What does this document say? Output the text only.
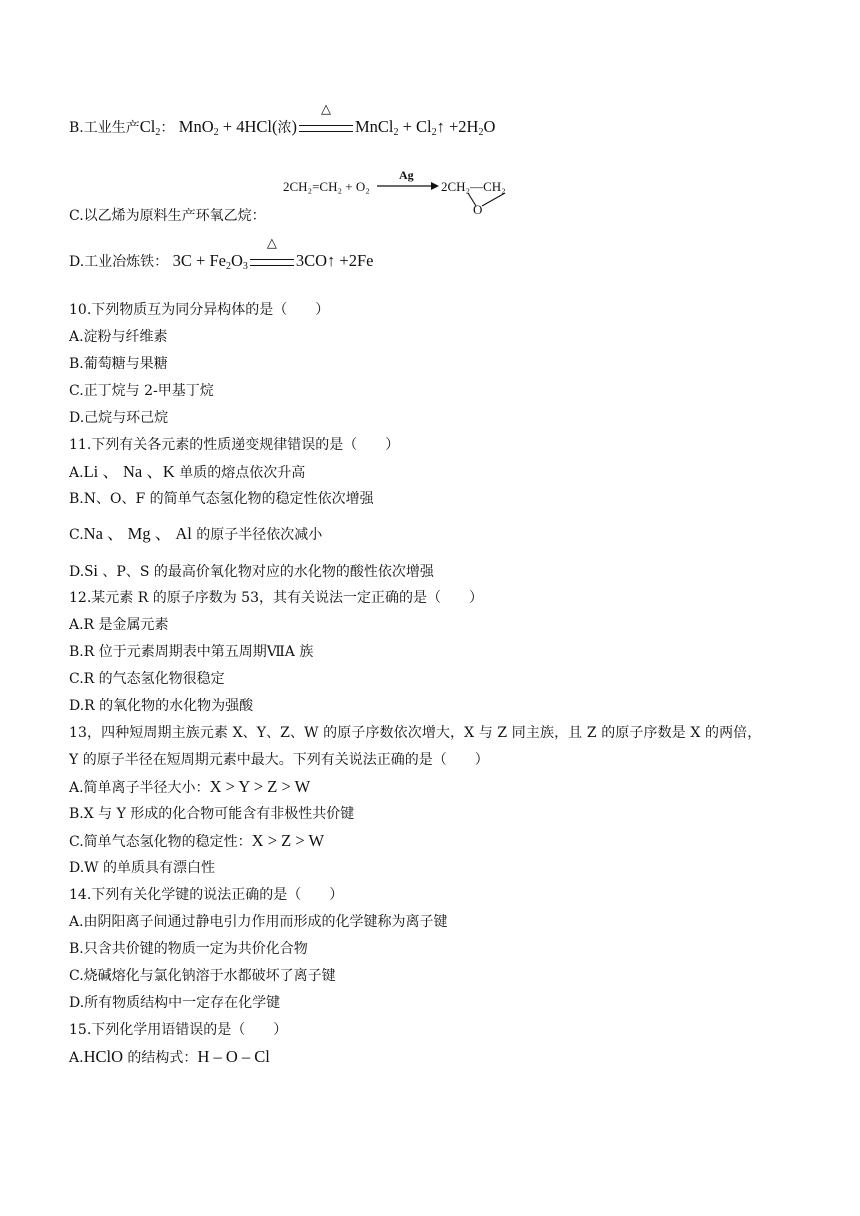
B.工业生产$Cl_2$： MnO$_2$ + 4HCl(浓)
△
MnCl$_2$ + $Cl_2↑ +2H_2O$
2CH₂=CH₂ + O₂
Ag
2CH₂—CH₂
O
C.以乙烯为原料生产环氧乙烷：
D.工业冶炼铁： $3C + Fe_2O_3$
△
3CO↑ +2Fe
10.下列物质互为同分异构体的是（　　）
A.淀粉与纤维素
B.葡萄糖与果糖
C.正丁烷与 2-甲基丁烷
D.己烷与环己烷
11.下列有关各元素的性质递变规律错误的是（　　）
A.Li 、 Na 、K 单质的熔点依次升高
B.N、O、F 的简单气态氢化物的稳定性依次增强
C.Na 、 Mg 、 Al 的原子半径依次减小
D.Si 、P、S 的最高价氧化物对应的水化物的酸性依次增强
12.某元素 R 的原子序数为 53，其有关说法一定正确的是（　　）
A.R 是金属元素
B.R 位于元素周期表中第五周期ⅦA 族
C.R 的气态氢化物很稳定
D.R 的氧化物的水化物为强酸
13，四种短周期主族元素 X、Y、Z、W 的原子序数依次增大，X 与 Z 同主族，且 Z 的原子序数是 X 的两倍，
Y 的原子半径在短周期元素中最大。下列有关说法正确的是（　　）
A.简单离子半径大小：X > Y > Z > W
B.X 与 Y 形成的化合物可能含有非极性共价键
C.简单气态氢化物的稳定性：X > Z > W
D.W 的单质具有漂白性
14.下列有关化学键的说法正确的是（　　）
A.由阴阳离子间通过静电引力作用而形成的化学键称为离子键
B.只含共价键的物质一定为共价化合物
C.烧碱熔化与氯化钠溶于水都破坏了离子键
D.所有物质结构中一定存在化学键
15.下列化学用语错误的是（　　）
A.HClO 的结构式：H – O – Cl
